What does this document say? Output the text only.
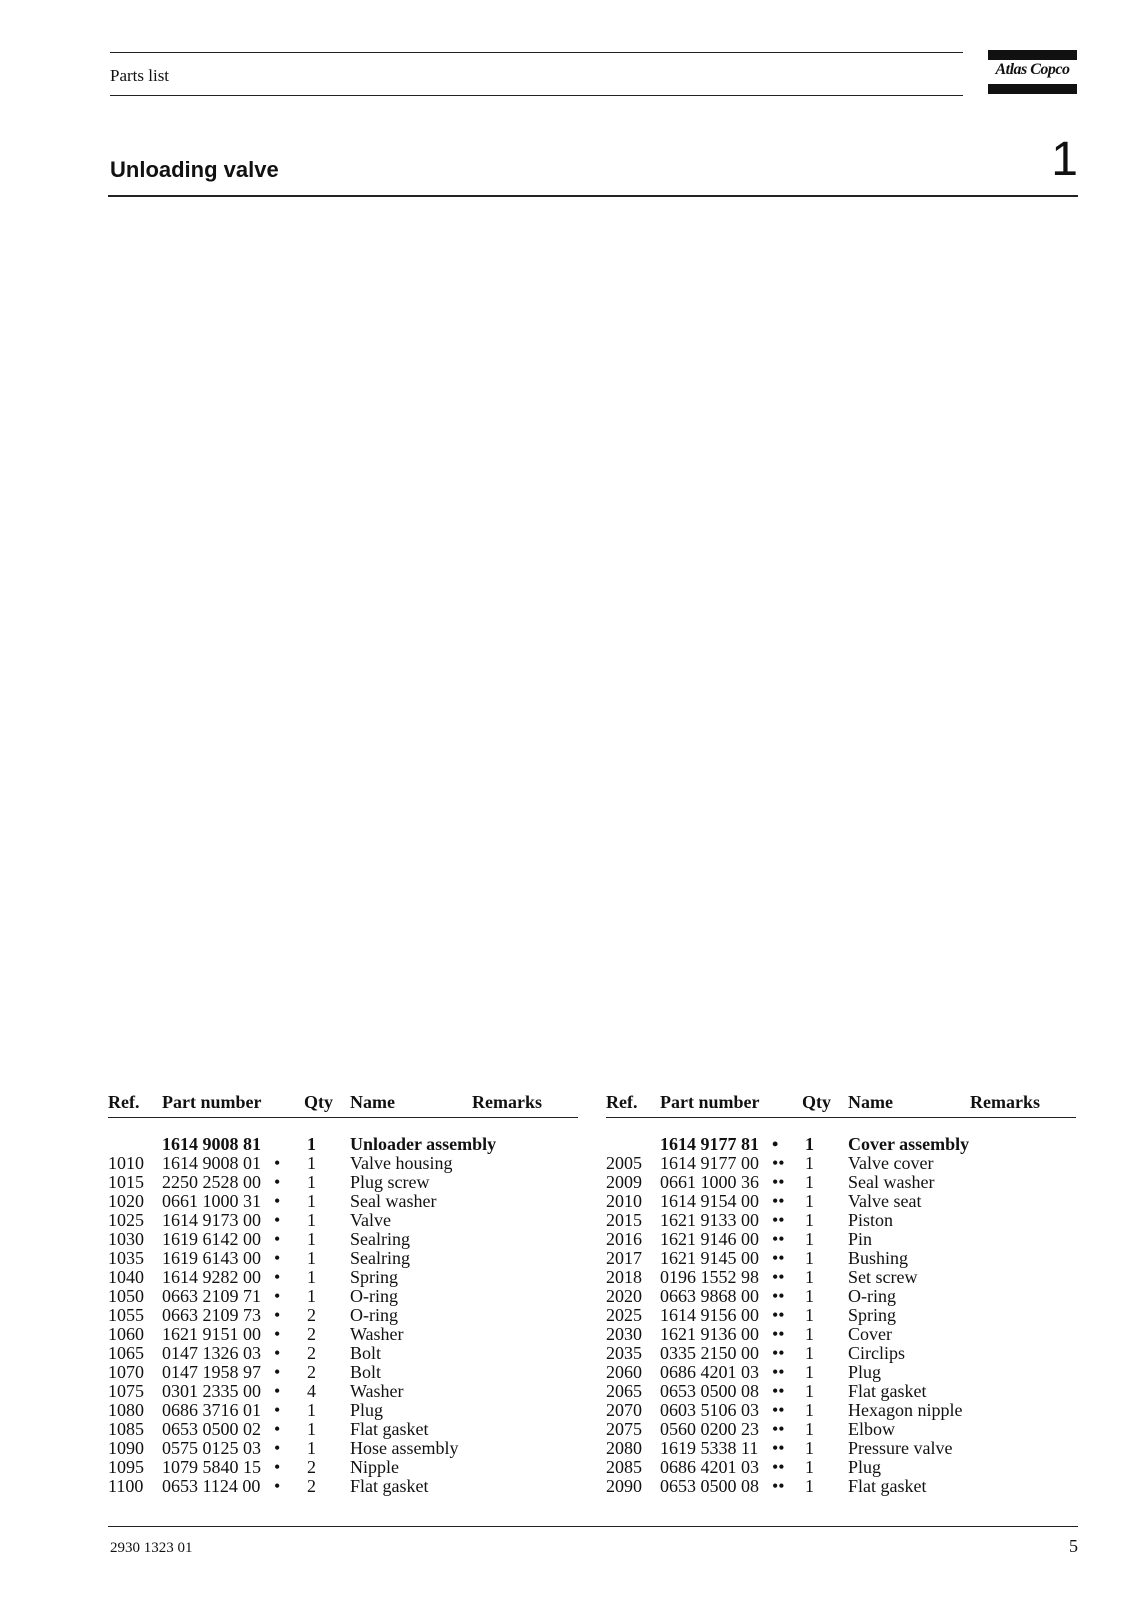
Parts list	Atlas Copco
Unloading valve	1
Ref. Part number Qty Name	Remarks
1614 9008 81	1 Unloader assembly
1010 1614 9008 01 • 1 Valve housing
1015 2250 2528 00 • 1 Plug screw
1020 0661 1000 31 • 1 Seal washer
1025 1614 9173 00 • 1 Valve
1030 1619 6142 00 • 1 Sealring
1035 1619 6143 00 • 1 Sealring
1040 1614 9282 00 • 1 Spring
1050 0663 2109 71 • 1 O-ring
1055 0663 2109 73 • 2 O-ring
1060 1621 9151 00 • 2 Washer
1065 0147 1326 03 • 2 Bolt
1070 0147 1958 97 • 2 Bolt
1075 0301 2335 00 • 4 Washer
1080 0686 3716 01 • 1 Plug
1085 0653 0500 02 • 1 Flat gasket
1090 0575 0125 03 • 1 Hose assembly
1095 1079 5840 15 • 2 Nipple
1100 0653 1124 00 • 2 Flat gasket
Ref. Part number Qty Name	Remarks
1614 9177 81 • 1 Cover assembly
2005 1614 9177 00 •• 1 Valve cover
2009 0661 1000 36 •• 1 Seal washer
2010 1614 9154 00 •• 1 Valve seat
2015 1621 9133 00 •• 1 Piston
2016 1621 9146 00 •• 1 Pin
2017 1621 9145 00 •• 1 Bushing
2018 0196 1552 98 •• 1 Set screw
2020 0663 9868 00 •• 1 O-ring
2025 1614 9156 00 •• 1 Spring
2030 1621 9136 00 •• 1 Cover
2035 0335 2150 00 •• 1 Circlips
2060 0686 4201 03 •• 1 Plug
2065 0653 0500 08 •• 1 Flat gasket
2070 0603 5106 03 •• 1 Hexagon nipple
2075 0560 0200 23 •• 1 Elbow
2080 1619 5338 11 •• 1 Pressure valve
2085 0686 4201 03 •• 1 Plug
2090 0653 0500 08 •• 1 Flat gasket
2930 1323 01	5
